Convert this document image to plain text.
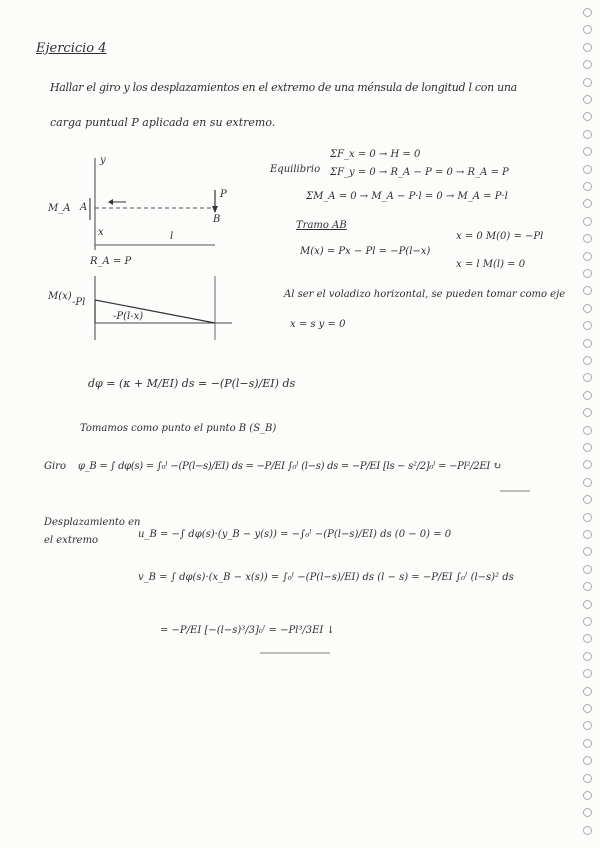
Ejercicio 4
Hallar el giro y los desplazamientos en el extremo de una ménsula de longitud l con una
carga puntual P aplicada en su extremo.
y
P
M_A A
B
x	l
R_A = P
M(x)
-Pl
-P(l-x)
Equilibrio
ΣF_x = 0 → H = 0
ΣF_y = 0 → R_A − P = 0 → R_A = P
ΣM_A = 0 → M_A − P·l = 0 → M_A = P·l
Tramo AB
M(x) = Px − Pl = −P(l−x)
x = 0 M(0) = −Pl
x = l M(l) = 0
Al ser el voladizo horizontal, se pueden tomar como eje
x = s y = 0
dφ = (κ + M/EI) ds = −(P(l−s)/EI) ds
Tomamos como punto el punto B (S_B)
Giro φ_B = ∫ dφ(s) = ∫₀ˡ −(P(l−s)/EI) ds = −P/EI ∫₀ˡ (l−s) ds = −P/EI [ls − s²/2]₀ˡ = −Pl²/2EI ↻
Desplazamiento en
el extremo
u_B = −∫ dφ(s)·(y_B − y(s)) = −∫₀ˡ −(P(l−s)/EI) ds (0 − 0) = 0
v_B = ∫ dφ(s)·(x_B − x(s)) = ∫₀ˡ −(P(l−s)/EI) ds (l − s) = −P/EI ∫₀ˡ (l−s)² ds
= −P/EI [−(l−s)³/3]₀ˡ = −Pl³/3EI ↓
